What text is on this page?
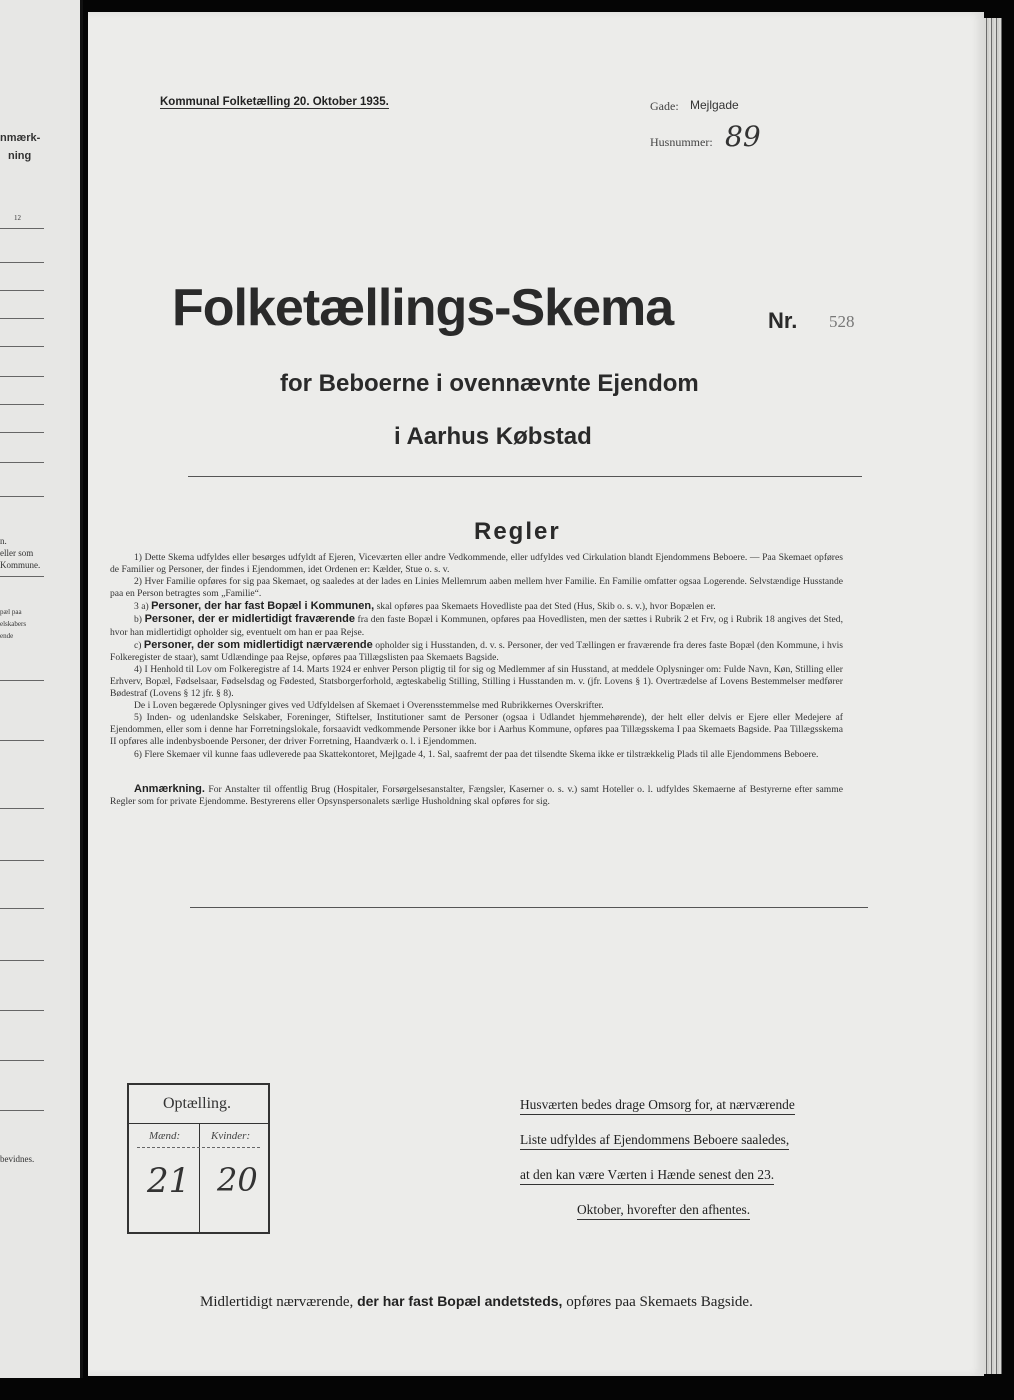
nmærk-
ning
12
n.
eller som
Kommune.
pæl paa
elskabers
ende
bevidnes.
Kommunal Folketælling 20. Oktober 1935.	Gade: Mejlgade
Husnummer: 89
Folketællings-Skema	Nr. 528
for Beboerne i ovennævnte Ejendom
i Aarhus Købstad
Regler

1) Dette Skema udfyldes eller besørges udfyldt af Ejeren, Viceværten eller andre Vedkommende, eller udfyldes ved Cirkulation blandt Ejendommens Beboere. — Paa Skemaet opføres de Familier og Personer, der findes i Ejendommen, idet Ordenen er: Kælder, Stue o. s. v.

2) Hver Familie opføres for sig paa Skemaet, og saaledes at der lades en Linies Mellemrum aaben mellem hver Familie. En Familie omfatter ogsaa Logerende. Selvstændige Husstande paa en Person betragtes som „Familie“.

3 a) Personer, der har fast Bopæl i Kommunen, skal opføres paa Skemaets Hovedliste paa det Sted (Hus, Skib o. s. v.), hvor Bopælen er.

b) Personer, der er midlertidigt fraværende fra den faste Bopæl i Kommunen, opføres paa Hovedlisten, men der sættes i Rubrik 2 et Frv, og i Rubrik 18 angives det Sted, hvor han midlertidigt opholder sig, eventuelt om han er paa Rejse.

c) Personer, der som midlertidigt nærværende opholder sig i Husstanden, d. v. s. Personer, der ved Tællingen er fraværende fra deres faste Bopæl (den Kommune, i hvis Folkeregister de staar), samt Udlændinge paa Rejse, opføres paa Tillægslisten paa Skemaets Bagside.

4) I Henhold til Lov om Folkeregistre af 14. Marts 1924 er enhver Person pligtig til for sig og Medlemmer af sin Husstand, at meddele Oplysninger om: Fulde Navn, Køn, Stilling eller Erhverv, Bopæl, Fødselsaar, Fødselsdag og Fødested, Statsborgerforhold, ægteskabelig Stilling, Stilling i Husstanden m. v. (jfr. Lovens § 1). Overtrædelse af Lovens Bestemmelser medfører Bødestraf (Lovens § 12 jfr. § 8).

De i Loven begærede Oplysninger gives ved Udfyldelsen af Skemaet i Overensstemmelse med Rubrikkernes Overskrifter.

5) Inden- og udenlandske Selskaber, Foreninger, Stiftelser, Institutioner samt de Personer (ogsaa i Udlandet hjemmehørende), der helt eller delvis er Ejere eller Medejere af Ejendommen, eller som i denne har Forretningslokale, forsaavidt vedkommende Personer ikke bor i Aarhus Kommune, opføres paa Tillægsskema I paa Skemaets Bagside. Paa Tillægsskema II opføres alle indenbysboende Personer, der driver Forretning, Haandværk o. l. i Ejendommen.

6) Flere Skemaer vil kunne faas udleverede paa Skattekontoret, Mejlgade 4, 1. Sal, saafremt der paa det tilsendte Skema ikke er tilstrækkelig Plads til alle Ejendommens Beboere.

Anmærkning. For Anstalter til offentlig Brug (Hospitaler, Forsørgelsesanstalter, Fængsler, Kaserner o. s. v.) samt Hoteller o. l. udfyldes Skemaerne af Bestyrerne efter samme Regler som for private Ejendomme. Bestyrerens eller Opsynspersonalets særlige Husholdning skal opføres for sig.

Optælling.
Mænd:	Kvinder:
21 20
Husværten bedes drage Omsorg for, at nærværende
Liste udfyldes af Ejendommens Beboere saaledes,
at den kan være Værten i Hænde senest den 23.
Oktober, hvorefter den afhentes.
Midlertidigt nærværende, der har fast Bopæl andetsteds, opføres paa Skemaets Bagside.
